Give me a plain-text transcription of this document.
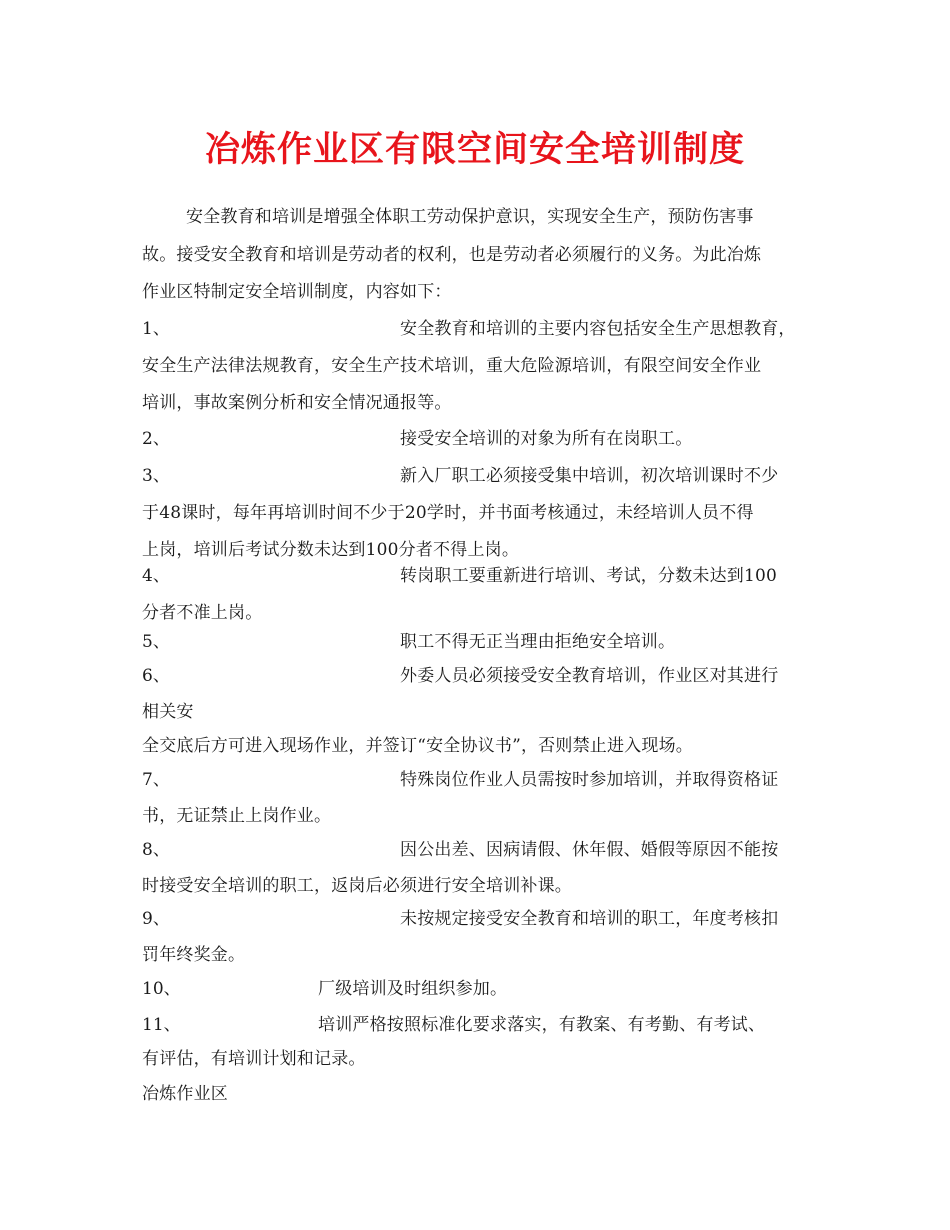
冶炼作业区有限空间安全培训制度
安全教育和培训是增强全体职工劳动保护意识，实现安全生产，预防伤害事
故。接受安全教育和培训是劳动者的权利，也是劳动者必须履行的义务。为此冶炼
作业区特制定安全培训制度，内容如下：
1、	安全教育和培训的主要内容包括安全生产思想教育，
安全生产法律法规教育，安全生产技术培训，重大危险源培训，有限空间安全作业
培训，事故案例分析和安全情况通报等。
2、	接受安全培训的对象为所有在岗职工。
3、	新入厂职工必须接受集中培训，初次培训课时不少
于48课时，每年再培训时间不少于20学时，并书面考核通过，未经培训人员不得
上岗，培训后考试分数未达到100分者不得上岗。
4、	转岗职工要重新进行培训、考试，分数未达到100
分者不准上岗。
5、	职工不得无正当理由拒绝安全培训。
6、	外委人员必须接受安全教育培训，作业区对其进行
相关安
全交底后方可进入现场作业，并签订“安全协议书”，否则禁止进入现场。
7、	特殊岗位作业人员需按时参加培训，并取得资格证
书，无证禁止上岗作业。
8、	因公出差、因病请假、休年假、婚假等原因不能按
时接受安全培训的职工，返岗后必须进行安全培训补课。
9、	未按规定接受安全教育和培训的职工，年度考核扣
罚年终奖金。
10、	厂级培训及时组织参加。
11、	培训严格按照标准化要求落实，有教案、有考勤、有考试、
有评估，有培训计划和记录。
冶炼作业区
